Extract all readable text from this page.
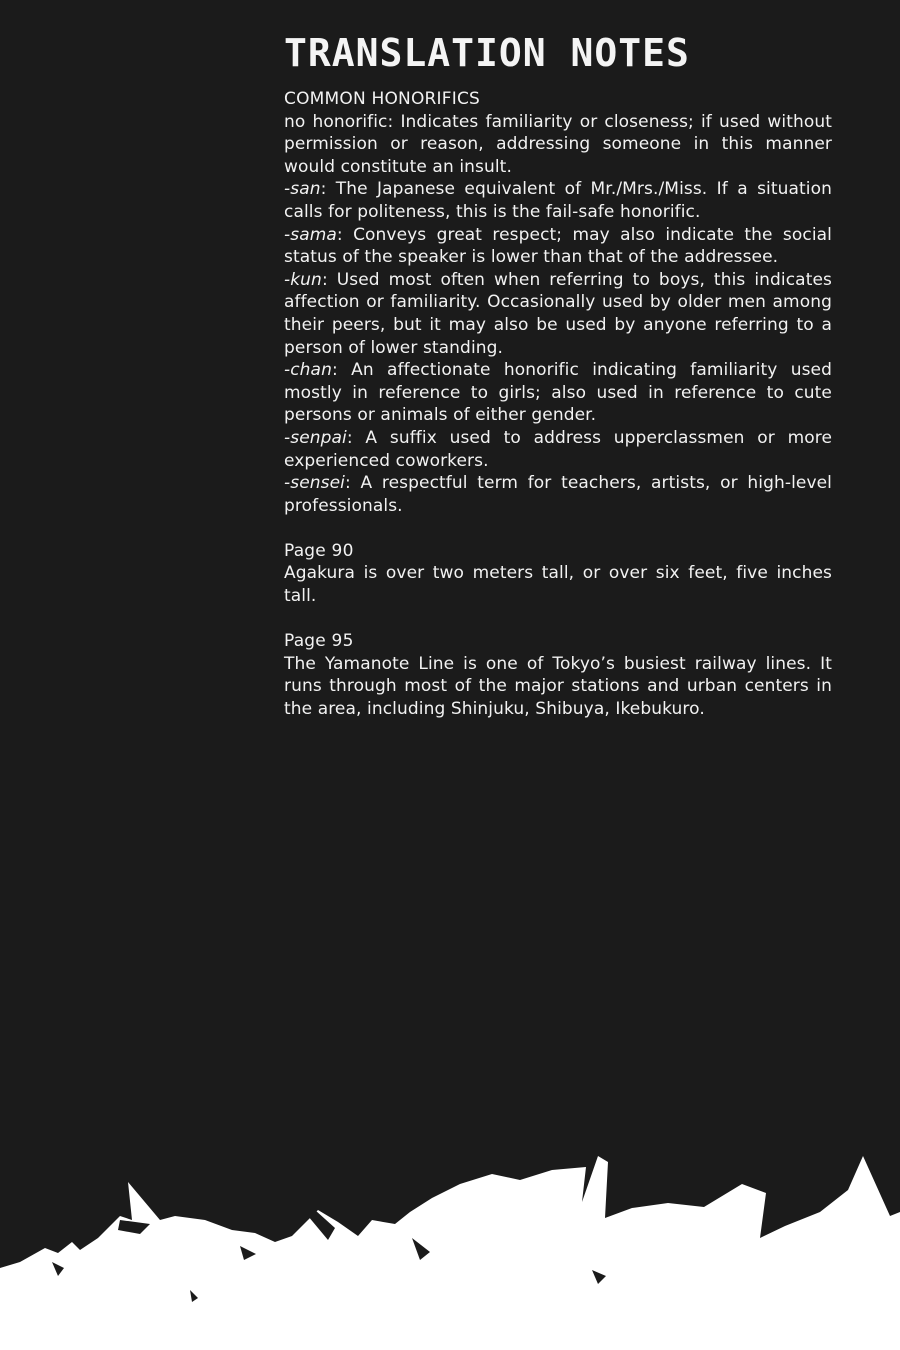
TRANSLATION NOTES
COMMON HONORIFICS

no honorific: Indicates familiarity or closeness; if used without permission or reason, addressing someone in this manner would constitute an insult.

-san: The Japanese equivalent of Mr./Mrs./Miss. If a situation calls for politeness, this is the fail-safe honorific.

-sama: Conveys great respect; may also indicate the social status of the speaker is lower than that of the addressee.

-kun: Used most often when referring to boys, this indicates affection or familiarity. Occasionally used by older men among their peers, but it may also be used by anyone referring to a person of lower standing.

-chan: An affectionate honorific indicating familiarity used mostly in reference to girls; also used in reference to cute persons or animals of either gender.

-senpai: A suffix used to address upperclassmen or more experienced coworkers.

-sensei: A respectful term for teachers, artists, or high-level professionals.

Page 90

Agakura is over two meters tall, or over six feet, five inches tall.

Page 95

The Yamanote Line is one of Tokyo’s busiest railway lines. It runs through most of the major stations and urban centers in the area, including Shinjuku, Shibuya, Ikebukuro.
